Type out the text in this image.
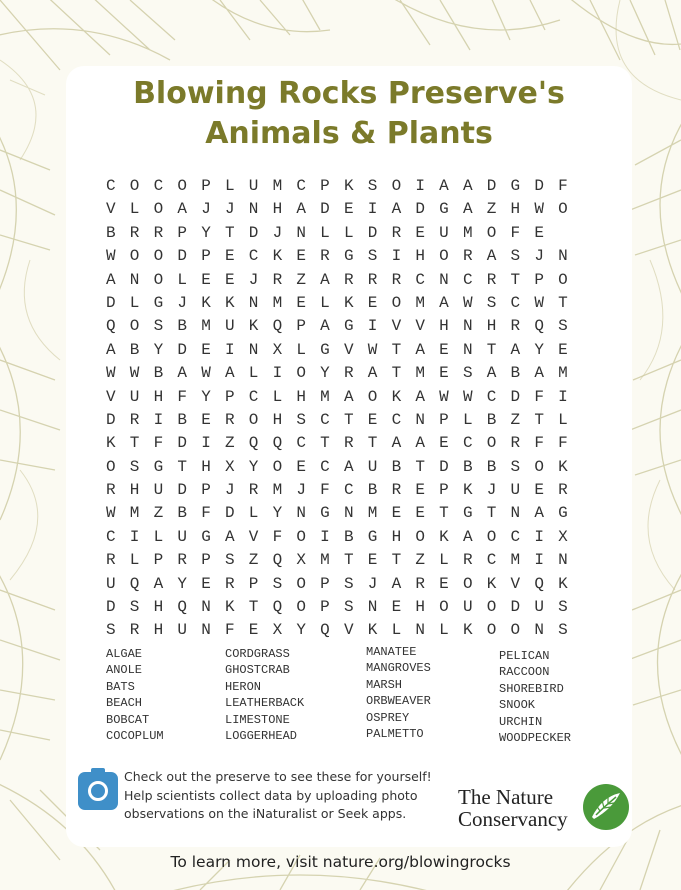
Blowing Rocks Preserve's
Animals & Plants
C O C O P L U M C P K S O I A A D G D F
V L O A J J N H A D E I A D G A Z H W O
B R R P Y T D J N L L D R E U M O F E
W O O D P E C K E R G S I H O R A S J N
A N O L E E J R Z A R R R C N C R T P O
D L G J K K N M E L K E O M A W S C W T
Q O S B M U K Q P A G I V V H N H R Q S
A B Y D E I N X L G V W T A E N T A Y E
W W B A W A L I O Y R A T M E S A B A M
V U H F Y P C L H M A O K A W W C D F I
D R I B E R O H S C T E C N P L B Z T L
K T F D I Z Q Q C T R T A A E C O R F F
O S G T H X Y O E C A U B T D B B S O K
R H U D P J R M J F C B R E P K J U E R
W M Z B F D L Y N G N M E E T G T N A G
C I L U G A V F O I B G H O K A O C I X
R L P R P S Z Q X M T E T Z L R C M I N
U Q A Y E R P S O P S J A R E O K V Q K
D S H Q N K T Q O P S N E H O U O D U S
S R H U N F E X Y Q V K L N L K O O N S
ALGAE
ANOLE
BATS
BEACH
BOBCAT
COCOPLUM
CORDGRASS
GHOSTCRAB
HERON
LEATHERBACK
LIMESTONE
LOGGERHEAD
MANATEE
MANGROVES
MARSH
ORBWEAVER
OSPREY
PALMETTO
PELICAN
RACCOON
SHOREBIRD
SNOOK
URCHIN
WOODPECKER
Check out the preserve to see these for yourself!
Help scientists collect data by uploading photo
observations on the iNaturalist or Seek apps.
The Nature
Conservancy

To learn more, visit nature.org/blowingrocks
